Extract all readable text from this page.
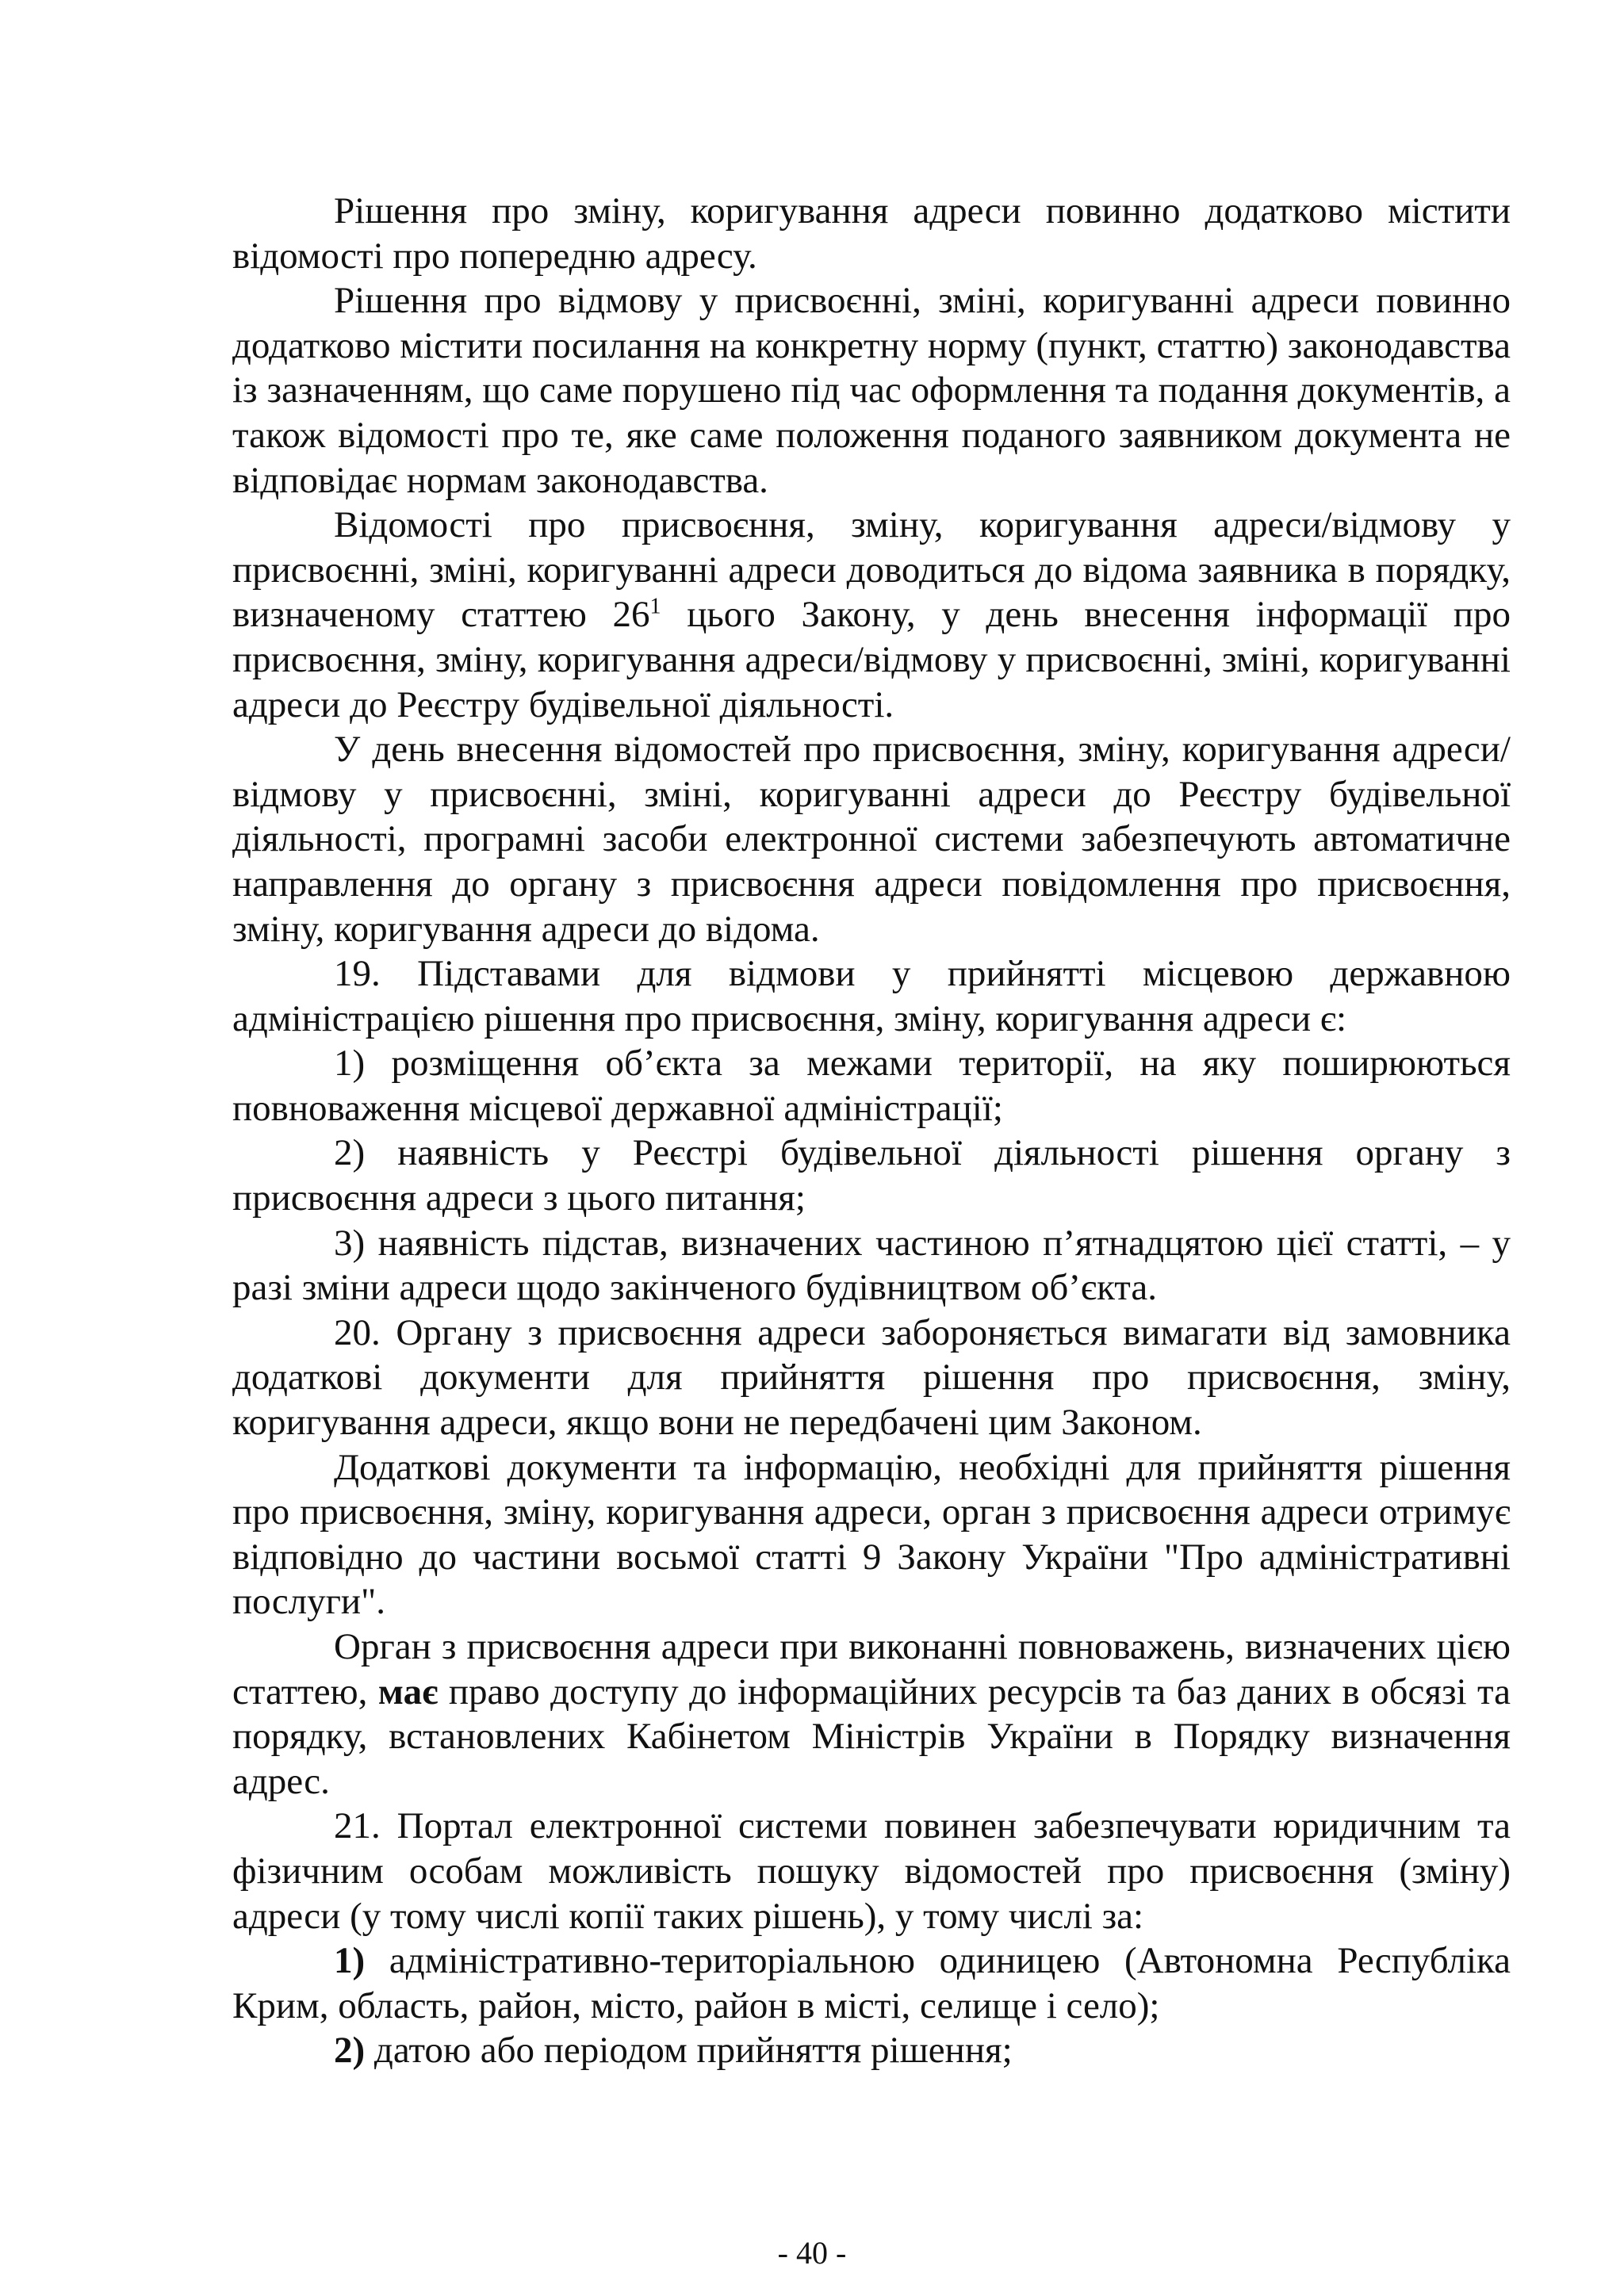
Рішення про зміну, коригування адреси повинно додатково містити відомості про попередню адресу.

Рішення про відмову у присвоєнні, зміні, коригуванні адреси повинно додатково містити посилання на конкретну норму (пункт, статтю) законодавства із зазначенням, що саме порушено під час оформлення та подання документів, а також відомості про те, яке саме положення поданого заявником документа не відповідає нормам законодавства.

Відомості про присвоєння, зміну, коригування адреси/відмову у присвоєнні, зміні, коригуванні адреси доводиться до відома заявника в порядку, визначеному статтею $26^1$ цього Закону, у день внесення інформації про присвоєння, зміну, коригування адреси/відмову у присвоєнні, зміні, коригуванні адреси до Реєстру будівельної діяльності.

У день внесення відомостей про присвоєння, зміну, коригування адреси/відмову у присвоєнні, зміні, коригуванні адреси до Реєстру будівельної діяльності, програмні засоби електронної системи забезпечують автоматичне направлення до органу з присвоєння адреси повідомлення про присвоєння, зміну, коригування адреси до відома.

19. Підставами для відмови у прийнятті місцевою державною адміністрацією рішення про присвоєння, зміну, коригування адреси є:

1) розміщення об’єкта за межами території, на яку поширюються повноваження місцевої державної адміністрації;

2) наявність у Реєстрі будівельної діяльності рішення органу з присвоєння адреси з цього питання;

3) наявність підстав, визначених частиною п’ятнадцятою цієї статті, – у разі зміни адреси щодо закінченого будівництвом об’єкта.

20. Органу з присвоєння адреси забороняється вимагати від замовника додаткові документи для прийняття рішення про присвоєння, зміну, коригування адреси, якщо вони не передбачені цим Законом.

Додаткові документи та інформацію, необхідні для прийняття рішення про присвоєння, зміну, коригування адреси, орган з присвоєння адреси отримує відповідно до частини восьмої статті 9 Закону України "Про адміністративні послуги".

Орган з присвоєння адреси при виконанні повноважень, визначених цією статтею, має право доступу до інформаційних ресурсів та баз даних в обсязі та порядку, встановлених Кабінетом Міністрів України в Порядку визначення адрес.

21. Портал електронної системи повинен забезпечувати юридичним та фізичним особам можливість пошуку відомостей про присвоєння (зміну) адреси (у тому числі копії таких рішень), у тому числі за:

1) адміністративно-територіальною одиницею (Автономна Республіка Крим, область, район, місто, район в місті, селище і село);

2) датою або періодом прийняття рішення;

- 40 -
